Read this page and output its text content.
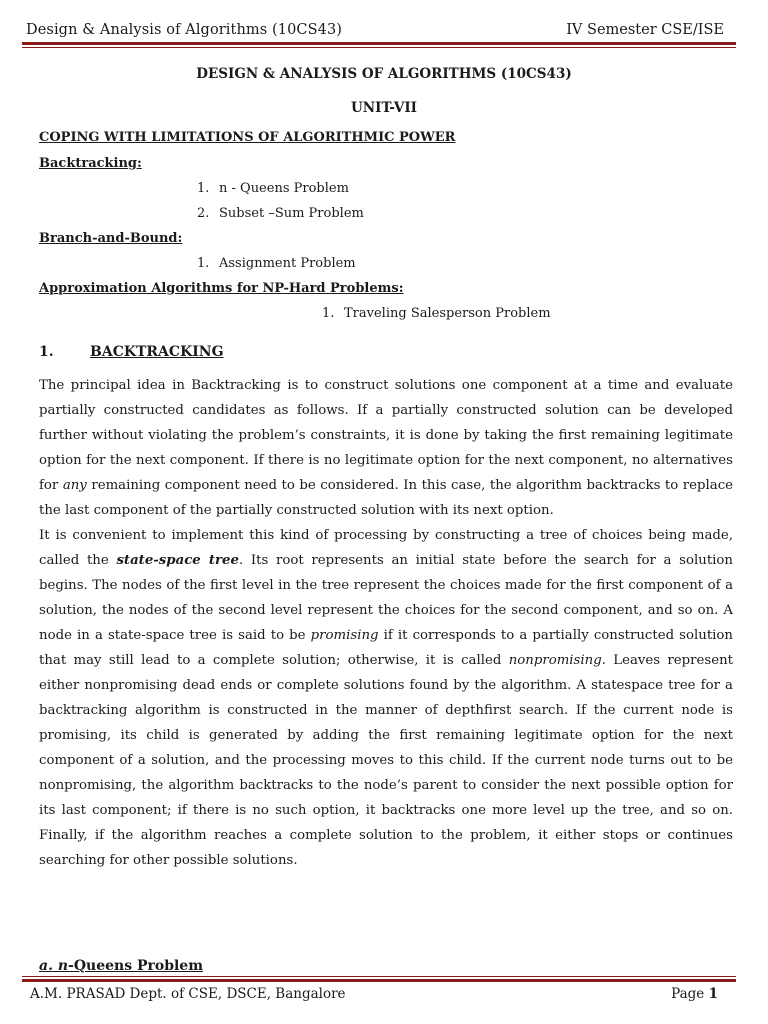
Design & Analysis of Algorithms (10CS43)	IV Semester CSE/ISE
DESIGN & ANALYSIS OF ALGORITHMS (10CS43)
UNIT-VII
COPING WITH LIMITATIONS OF ALGORITHMIC POWER
Backtracking:
1. n - Queens Problem
2. Subset –Sum Problem
Branch-and-Bound:
1. Assignment Problem
Approximation Algorithms for NP-Hard Problems:
1. Traveling Salesperson Problem
1.	BACKTRACKING

The principal idea in Backtracking is to construct solutions one component at a time and evaluate partially constructed candidates as follows. If a partially constructed solution can be developed further without violating the problem’s constraints, it is done by taking the first remaining legitimate option for the next component. If there is no legitimate option for the next component, no alternatives for any remaining component need to be considered. In this case, the algorithm backtracks to replace the last component of the partially constructed solution with its next option.

It is convenient to implement this kind of processing by constructing a tree of choices being made, called the state-space tree. Its root represents an initial state before the search for a solution begins. The nodes of the first level in the tree represent the choices made for the first component of a solution, the nodes of the second level represent the choices for the second component, and so on. A node in a state-space tree is said to be promising if it corresponds to a partially constructed solution that may still lead to a complete solution; otherwise, it is called nonpromising. Leaves represent either nonpromising dead ends or complete solutions found by the algorithm. A statespace tree for a backtracking algorithm is constructed in the manner of depthfirst search. If the current node is promising, its child is generated by adding the first remaining legitimate option for the next component of a solution, and the processing moves to this child. If the current node turns out to be nonpromising, the algorithm backtracks to the node’s parent to consider the next possible option for its last component; if there is no such option, it backtracks one more level up the tree, and so on. Finally, if the algorithm reaches a complete solution to the problem, it either stops or continues searching for other possible solutions.

a. n-Queens Problem
A.M. PRASAD Dept. of CSE, DSCE, Bangalore	Page 1
